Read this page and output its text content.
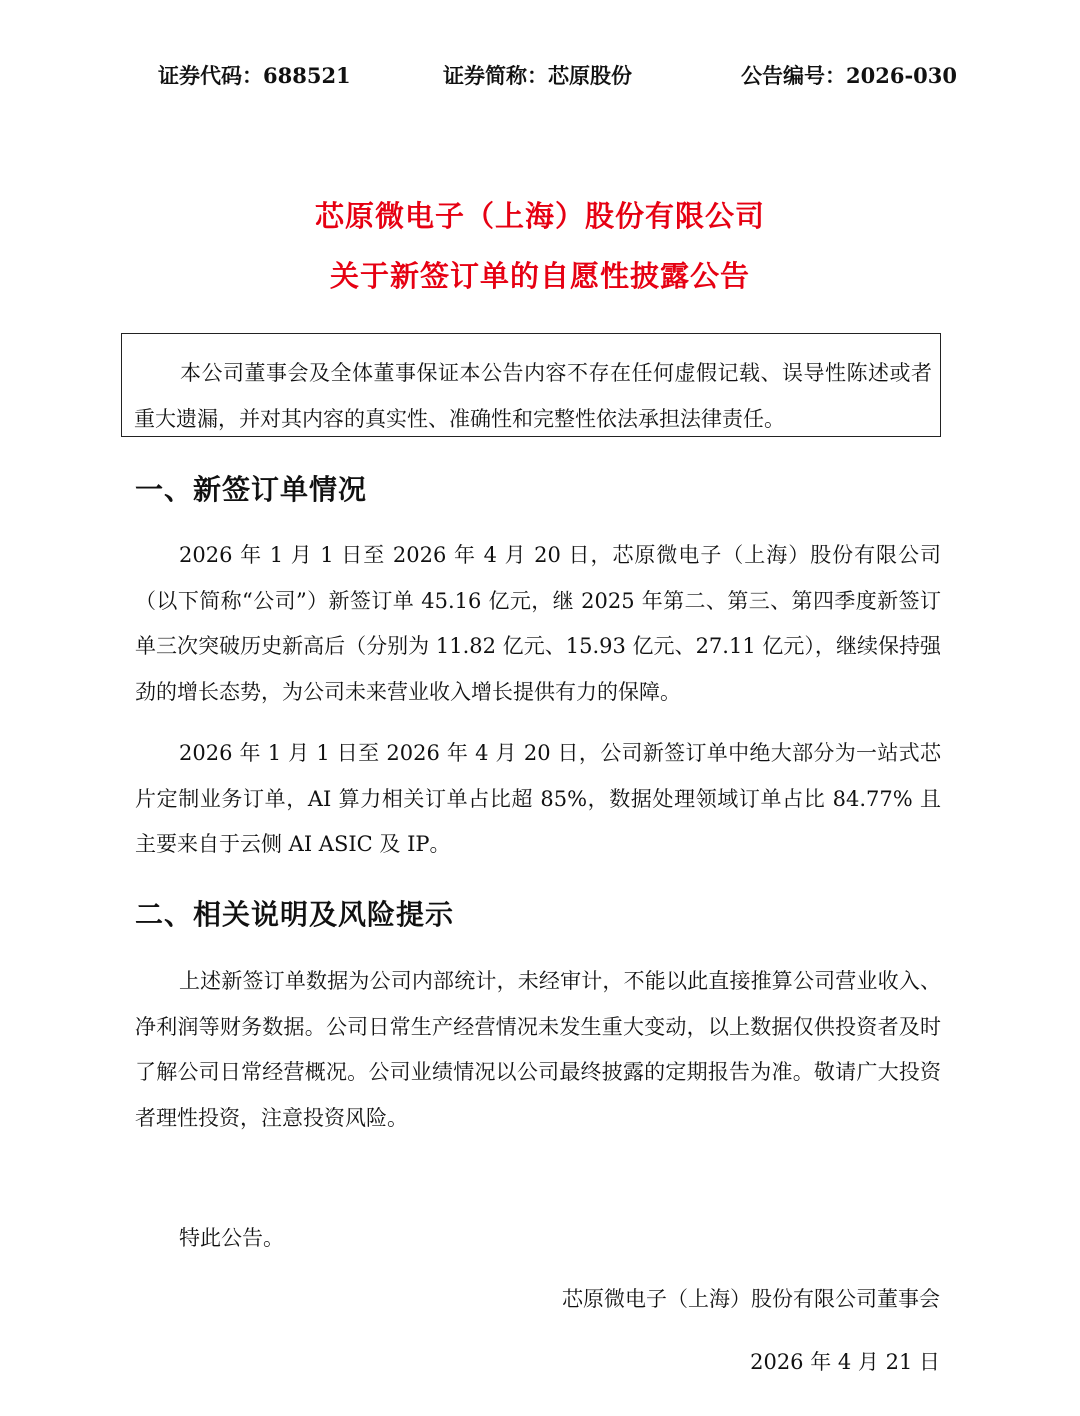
证券代码：688521	证券简称：芯原股份	公告编号：2026-030
芯原微电子（上海）股份有限公司
关于新签订单的自愿性披露公告
本公司董事会及全体董事保证本公告内容不存在任何虚假记载、误导性陈述或者重大遗漏，并对其内容的真实性、准确性和完整性依法承担法律责任。
一、新签订单情况
2026 年 1 月 1 日至 2026 年 4 月 20 日，芯原微电子（上海）股份有限公司（以下简称“公司”）新签订单 45.16 亿元，继 2025 年第二、第三、第四季度新签订单三次突破历史新高后（分别为 11.82 亿元、15.93 亿元、27.11 亿元），继续保持强劲的增长态势，为公司未来营业收入增长提供有力的保障。
2026 年 1 月 1 日至 2026 年 4 月 20 日，公司新签订单中绝大部分为一站式芯片定制业务订单，AI 算力相关订单占比超 85%，数据处理领域订单占比 84.77% 且主要来自于云侧 AI ASIC 及 IP。
二、相关说明及风险提示
上述新签订单数据为公司内部统计，未经审计，不能以此直接推算公司营业收入、净利润等财务数据。公司日常生产经营情况未发生重大变动，以上数据仅供投资者及时了解公司日常经营概况。公司业绩情况以公司最终披露的定期报告为准。敬请广大投资者理性投资，注意投资风险。
特此公告。
芯原微电子（上海）股份有限公司董事会
2026 年 4 月 21 日
